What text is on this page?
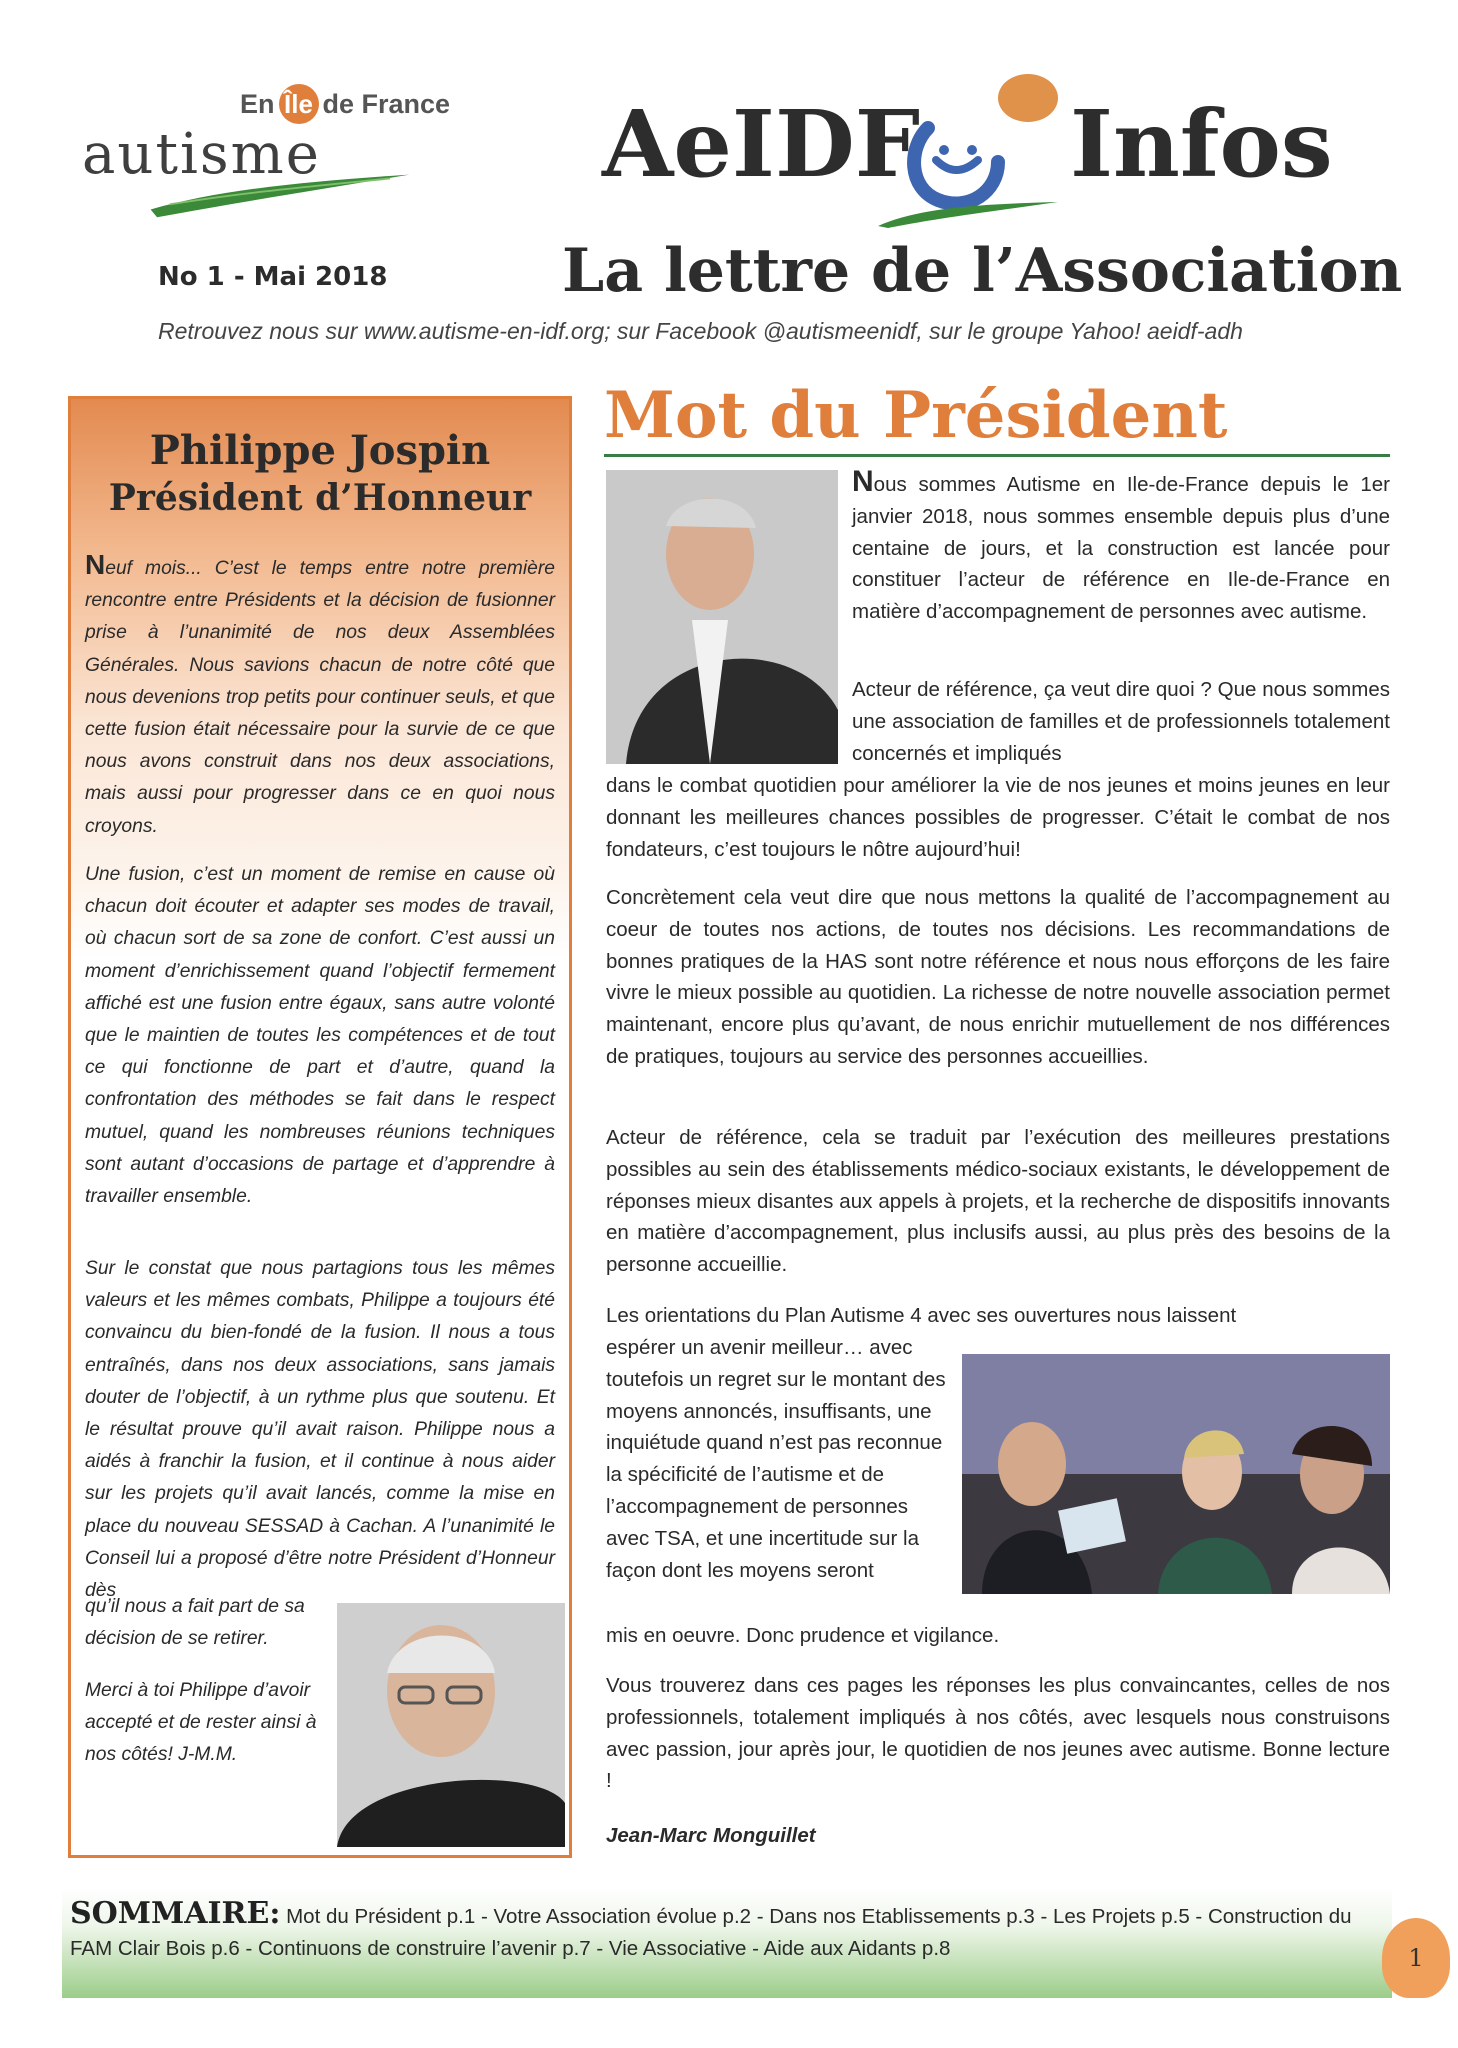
En Île de France
autisme
No 1 - Mai 2018
AeIDF Infos
La lettre de l’Association
Retrouvez nous sur www.autisme-en-idf.org; sur Facebook @autismeenidf, sur le groupe Yahoo! aeidf-adh
Philippe Jospin
Président d’Honneur
Neuf mois... C’est le temps entre notre première rencontre entre Présidents et la décision de fusionner prise à l’unanimité de nos deux Assemblées Générales. Nous savions chacun de notre côté que nous devenions trop petits pour continuer seuls, et que cette fusion était nécessaire pour la survie de ce que nous avons construit dans nos deux associations, mais aussi pour progresser dans ce en quoi nous croyons.
Une fusion, c’est un moment de remise en cause où chacun doit écouter et adapter ses modes de travail, où chacun sort de sa zone de confort. C’est aussi un moment d’enrichissement quand l’objectif fermement affiché est une fusion entre égaux, sans autre volonté que le maintien de toutes les compétences et de tout ce qui fonctionne de part et d’autre, quand la confrontation des méthodes se fait dans le respect mutuel, quand les nombreuses réunions techniques sont autant d’occasions de partage et d’apprendre à travailler ensemble.
Sur le constat que nous partagions tous les mêmes valeurs et les mêmes combats, Philippe a toujours été convaincu du bien-fondé de la fusion. Il nous a tous entraînés, dans nos deux associations, sans jamais douter de l’objectif, à un rythme plus que soutenu. Et le résultat prouve qu’il avait raison. Philippe nous a aidés à franchir la fusion, et il continue à nous aider sur les projets qu’il avait lancés, comme la mise en place du nouveau SESSAD à Cachan. A l’unanimité le Conseil lui a proposé d’être notre Président d’Honneur dès
qu’il nous a fait part de sa décision de se retirer.
Merci à toi Philippe d’avoir accepté et de rester ainsi à nos côtés! J-M.M.
Mot du Président
Nous sommes Autisme en Ile-de-France depuis le 1er janvier 2018, nous sommes ensemble depuis plus d’une centaine de jours, et la construction est lancée pour constituer l’acteur de référence en Ile-de-France en matière d’accompagnement de personnes avec autisme.
Acteur de référence, ça veut dire quoi ? Que nous sommes une association de familles et de professionnels totalement concernés et impliqués
dans le combat quotidien pour améliorer la vie de nos jeunes et moins jeunes en leur donnant les meilleures chances possibles de progresser. C’était le combat de nos fondateurs, c’est toujours le nôtre aujourd’hui!
Concrètement cela veut dire que nous mettons la qualité de l’accompagnement au coeur de toutes nos actions, de toutes nos décisions. Les recommandations de bonnes pratiques de la HAS sont notre référence et nous nous efforçons de les faire vivre le mieux possible au quotidien. La richesse de notre nouvelle association permet maintenant, encore plus qu’avant, de nous enrichir mutuellement de nos différences de pratiques, toujours au service des personnes accueillies.
Acteur de référence, cela se traduit par l’exécution des meilleures prestations possibles au sein des établissements médico-sociaux existants, le développement de réponses mieux disantes aux appels à projets, et la recherche de dispositifs innovants en matière d’accompagnement, plus inclusifs aussi, au plus près des besoins de la personne accueillie.
Les orientations du Plan Autisme 4 avec ses ouvertures nous laissent
espérer un avenir meilleur… avec toutefois un regret sur le montant des moyens annoncés, insuffisants, une inquiétude quand n’est pas reconnue la spécificité de l’autisme et de l’accompagnement de personnes avec TSA, et une incertitude sur la façon dont les moyens seront
mis en oeuvre. Donc prudence et vigilance.
Vous trouverez dans ces pages les réponses les plus convaincantes, celles de nos professionnels, totalement impliqués à nos côtés, avec lesquels nous construisons avec passion, jour après jour, le quotidien de nos jeunes avec autisme. Bonne lecture !
Jean-Marc Monguillet
SOMMAIRE: Mot du Président p.1 - Votre Association évolue p.2 - Dans nos Etablissements p.3 - Les Projets p.5 - Construction du FAM Clair Bois p.6 - Continuons de construire l’avenir p.7 - Vie Associative - Aide aux Aidants p.8	1
